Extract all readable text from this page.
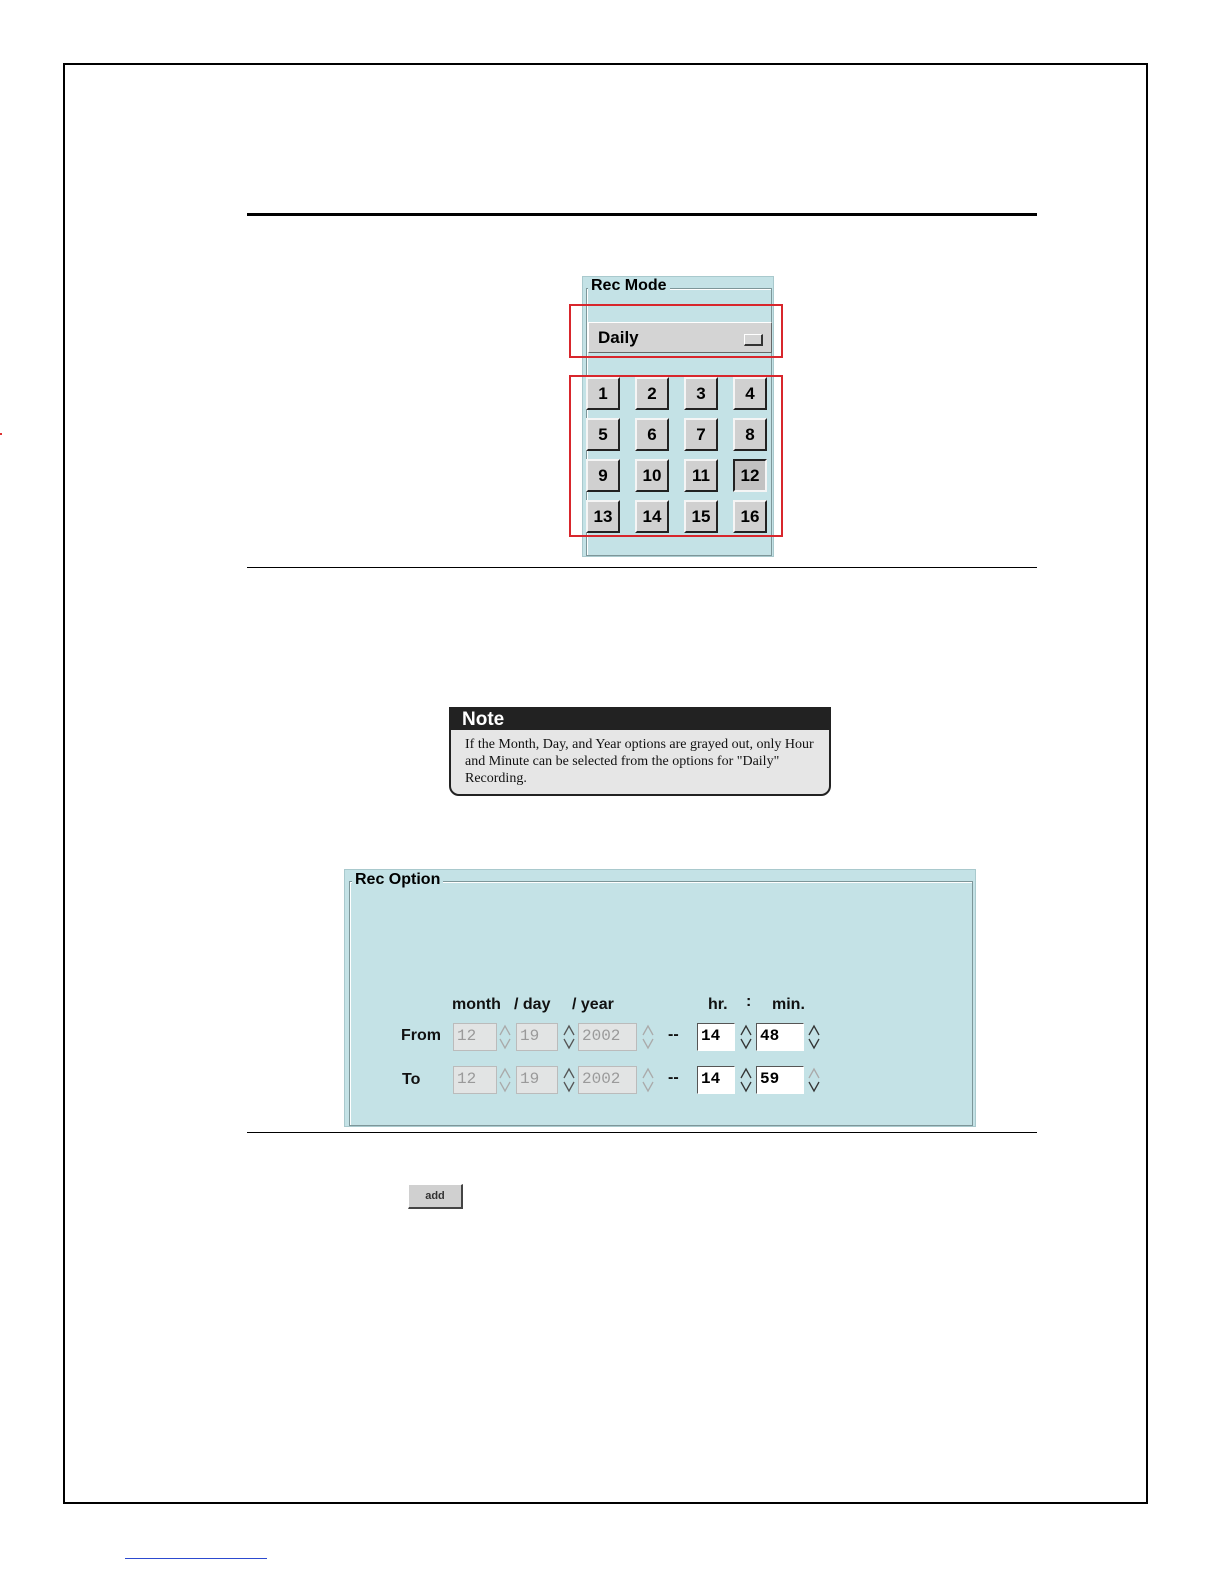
Rec Mode
Daily
1	2	3	4
5	6	7	8
9	10	11	12
13	14	15	16
Note
If the Month, Day, and Year options are grayed out, only Hour and Minute can be selected from the options for "Daily" Recording.
Rec Option
month / day / year	hr. : min.
From 12	19	2002	-- 14	48
To 12	19	2002	-- 14	59
add
